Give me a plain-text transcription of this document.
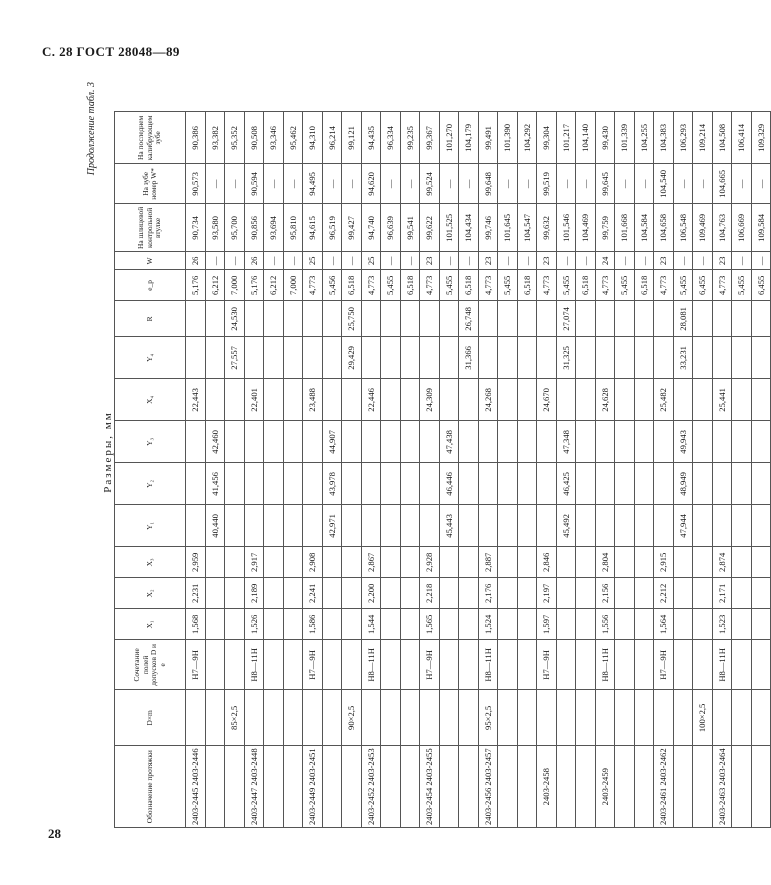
С. 28 ГОСТ 28048—89
28
Продолжение табл. 3
Размеры, мм
Обозначение протяжки	D×m	Сочетание полей допусков D и e	X₁	X₂	X₃	Y₁	Y₂	Y₃	X₄	Y₄	R	e_p	W	На шлицевой контрольной втулке	На зубе номер W*	На последнем калибрующем зубе
2403-2445 2403-2446		H7—9H	1,568	2,231	2,959				22,443			5,176	26	90,734	90,573	90,386
						40,440	41,456	42,460				6,212	—	93,580	—	93,382
	85×2,5									27,557	24,530	7,000	—	95,700	—	95,352
2403-2447 2403-2448		H8—11H	1,526	2,189	2,917				22,401			5,176	26	90,856	90,594	90,508
												6,212	—	93,694	—	93,346
												7,000	—	95,810	—	95,462
2403-2449 2403-2451		H7—9H	1,586	2,241	2,908				23,488			4,773	25	94,615	94,495	94,310
						42,971	43,978	44,907				5,456	—	96,519	—	96,214
	90×2,5									29,429	25,750	6,518	—	99,427	—	99,121
2403-2452 2403-2453		H8—11H	1,544	2,200	2,867				22,446			4,773	25	94,740	94,620	94,435
												5,455	—	96,639	—	96,334
												6,518	—	99,541	—	99,235
2403-2454 2403-2455		H7—9H	1,565	2,218	2,928				24,309			4,773	23	99,622	99,524	99,367
						45,443	46,446	47,438				5,455	—	101,525	—	101,270
										31,366	26,748	6,518	—	104,434	—	104,179
2403-2456 2403-2457	95×2,5	H8—11H	1,524	2,176	2,887				24,268			4,773	23	99,746	99,648	99,491
												5,455	—	101,645	—	101,390
												6,518	—	104,547	—	104,292
2403-2458		H7—9H	1,597	2,197	2,846				24,670			4,773	23	99,632	99,519	99,304
						45,492	46,425	47,348		31,325	27,074	5,455	—	101,546	—	101,217
												6,518	—	104,469	—	104,140
2403-2459		H8—11H	1,556	2,156	2,804				24,628			4,773	24	99,759	99,645	99,430
												5,455	—	101,668	—	101,339
												6,518	—	104,584	—	104,255
2403-2461 2403-2462		H7—9H	1,564	2,212	2,915				25,482			4,773	23	104,658	104,540	104,383
						47,944	48,949	49,943		33,231	28,081	5,455	—	106,548	—	106,293
	100×2,5											6,455	—	109,469	—	109,214
2403-2463 2403-2464		H8—11H	1,523	2,171	2,874				25,441			4,773	23	104,763	104,665	104,508
												5,455	—	106,669	—	106,414
												6,455	—	109,584	—	109,329
